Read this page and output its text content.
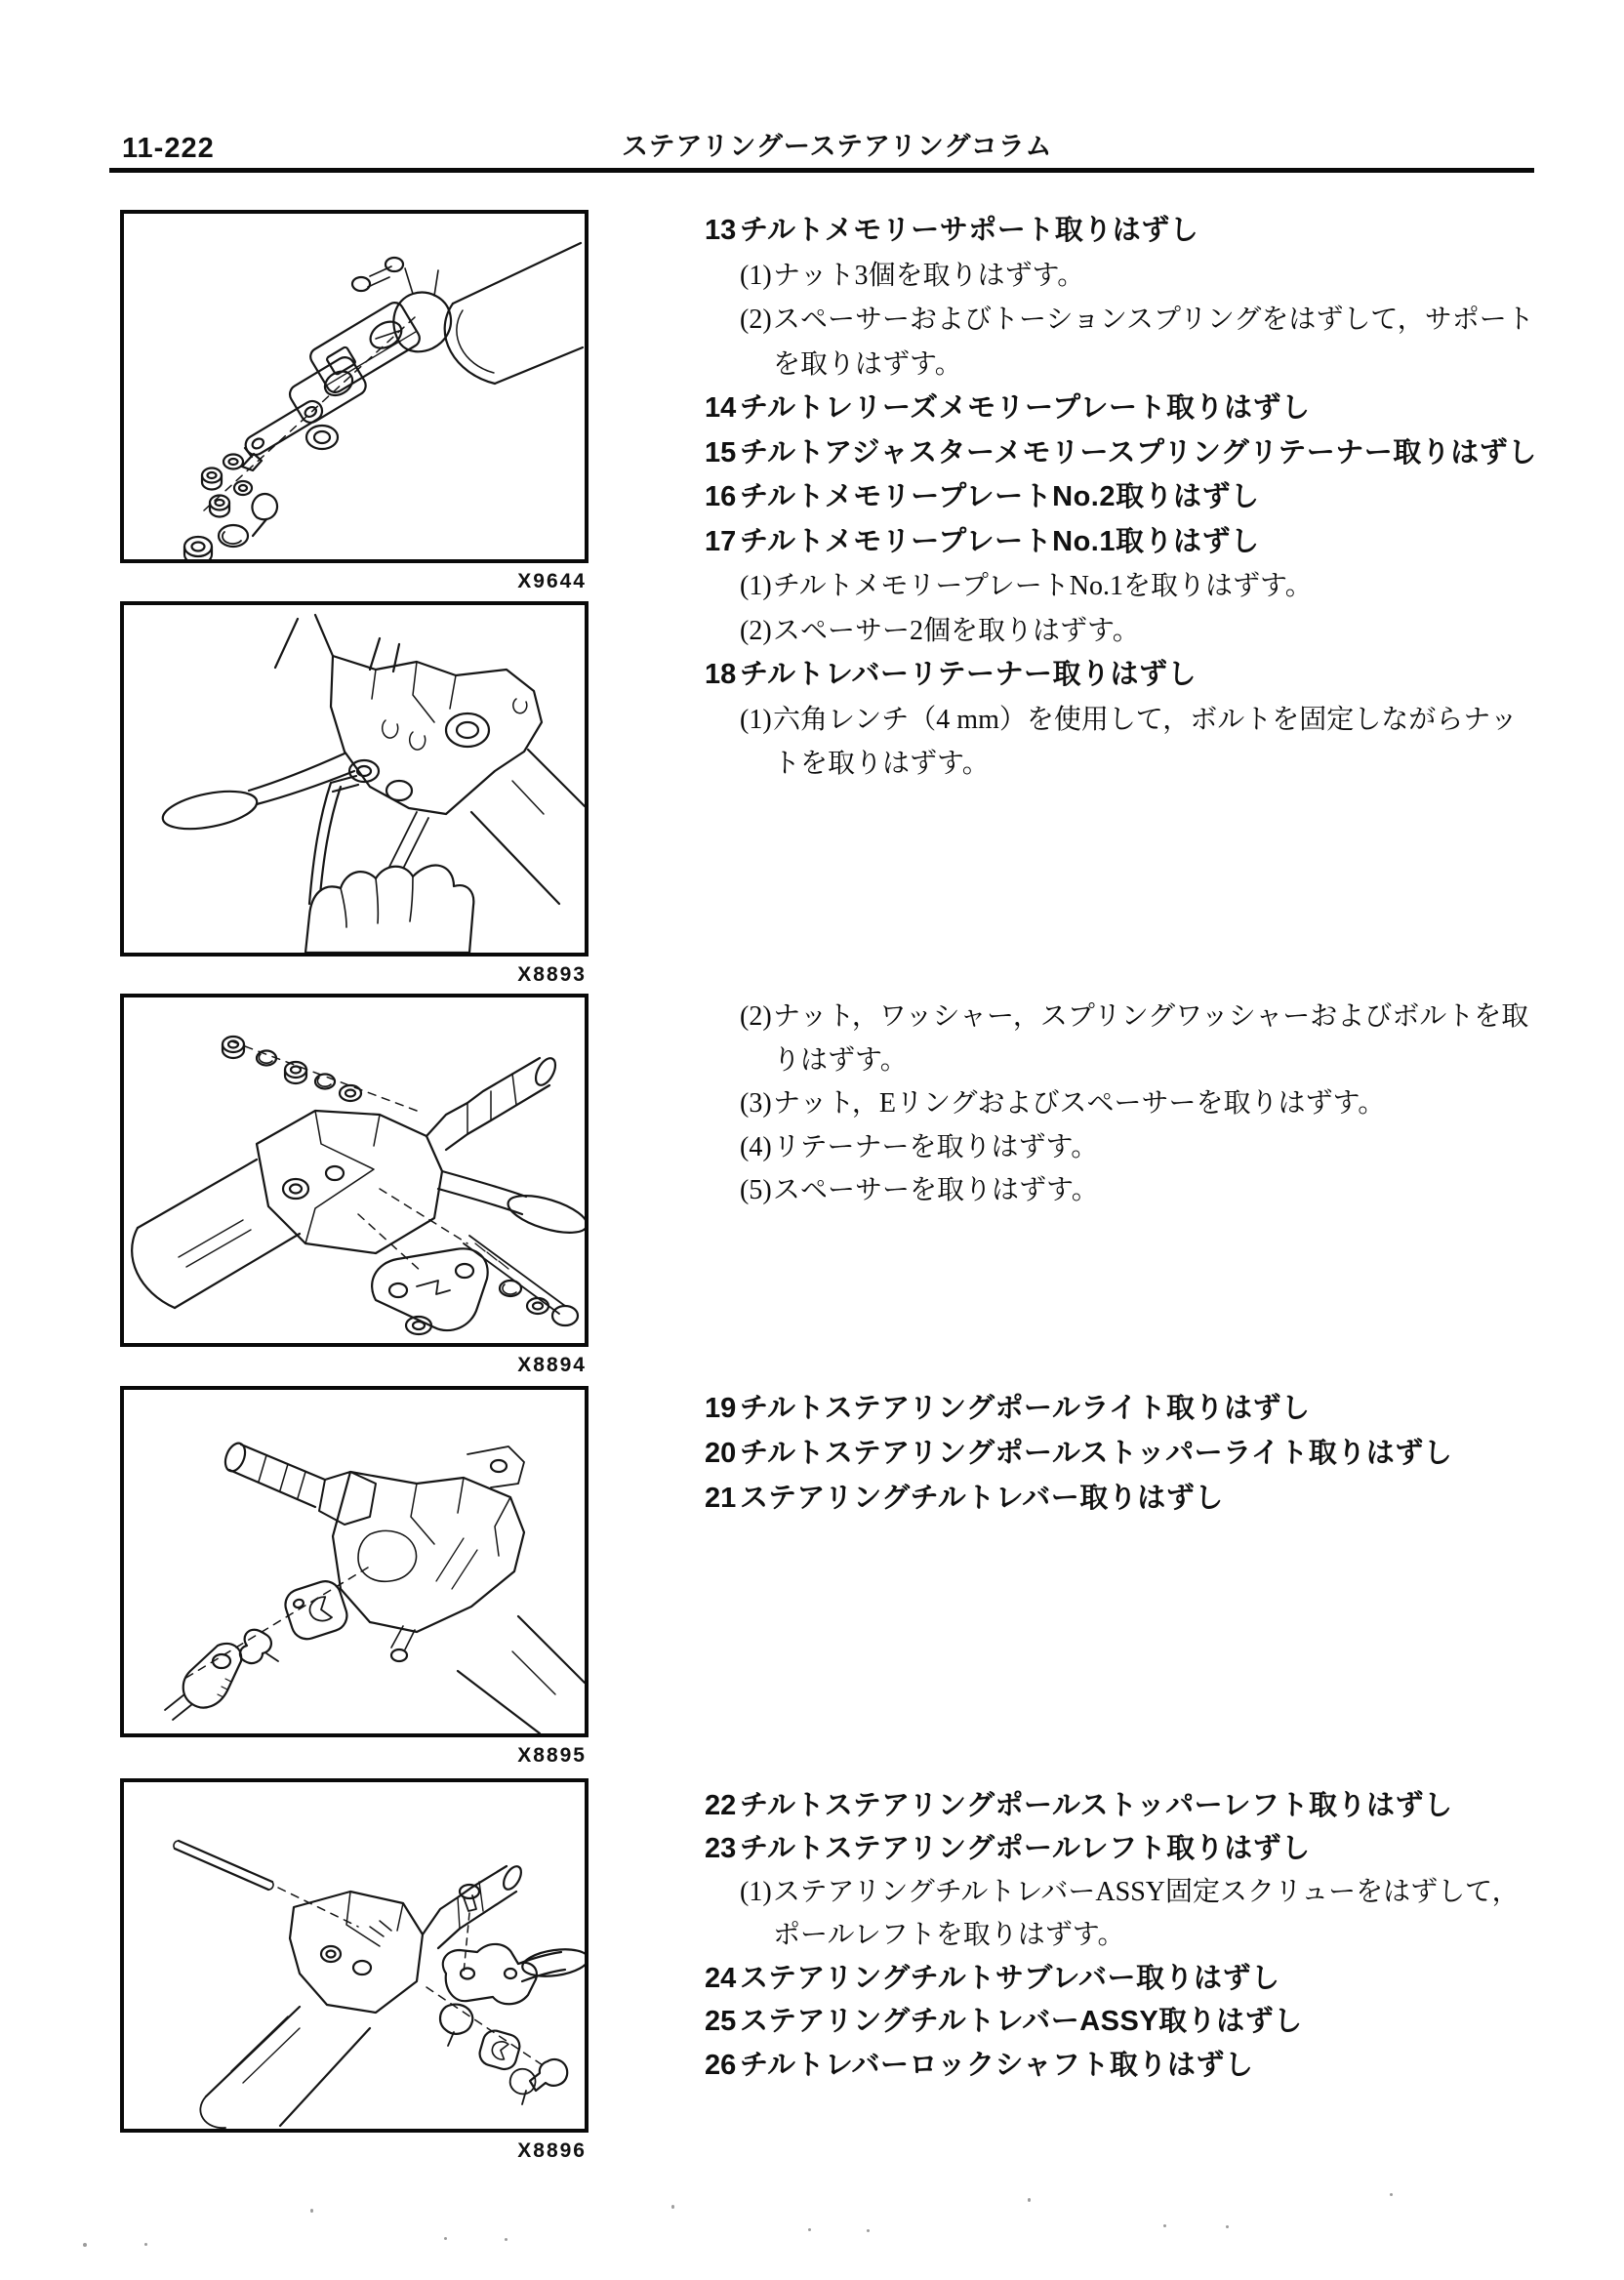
11-222	ステアリングーステアリングコラム
X9644
X8893
X8894
X8895
X8896
13 チルトメモリーサポート取りはずし
(1) ナット3個を取りはずす。
(2) スペーサーおよびトーションスプリングをはずして，サポート
を取りはずす。
14 チルトレリーズメモリープレート取りはずし
15 チルトアジャスターメモリースプリングリテーナー取りはずし
16 チルトメモリープレートNo.2取りはずし
17 チルトメモリープレートNo.1取りはずし
(1) チルトメモリープレートNo.1を取りはずす。
(2) スペーサー2個を取りはずす。
18 チルトレバーリテーナー取りはずし
(1) 六角レンチ（4 mm）を使用して，ボルトを固定しながらナッ
トを取りはずす。
(2) ナット，ワッシャー，スプリングワッシャーおよびボルトを取
りはずす。
(3) ナット，Eリングおよびスペーサーを取りはずす。
(4) リテーナーを取りはずす。
(5) スペーサーを取りはずす。
19 チルトステアリングポールライト取りはずし
20 チルトステアリングポールストッパーライト取りはずし
21 ステアリングチルトレバー取りはずし
22 チルトステアリングポールストッパーレフト取りはずし
23 チルトステアリングポールレフト取りはずし
(1) ステアリングチルトレバーASSY固定スクリューをはずして，
ポールレフトを取りはずす。
24 ステアリングチルトサブレバー取りはずし
25 ステアリングチルトレバーASSY取りはずし
26 チルトレバーロックシャフト取りはずし
